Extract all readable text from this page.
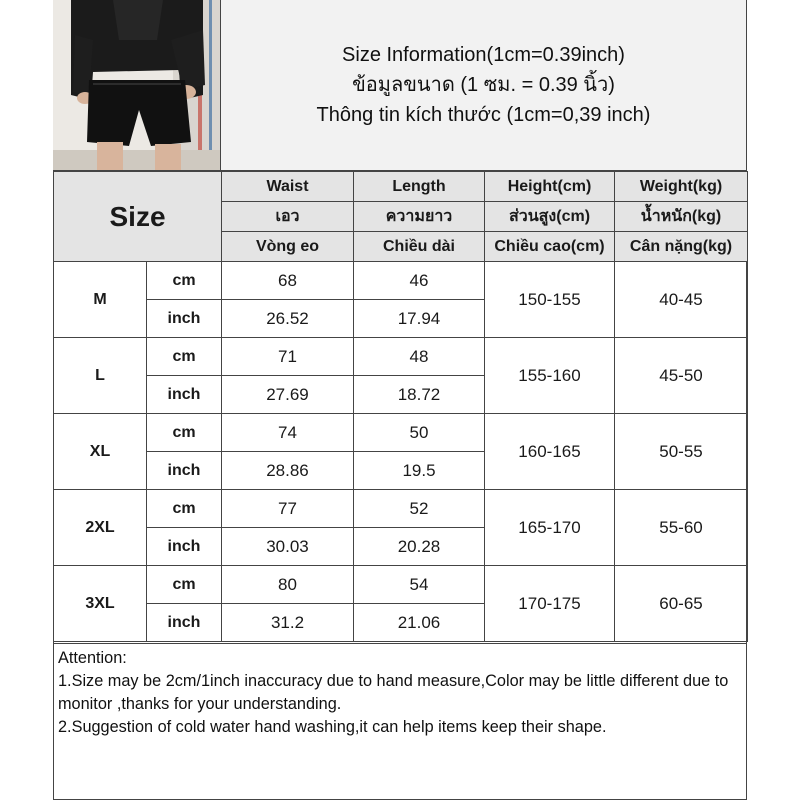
Size Information(1cm=0.39inch)
ข้อมูลขนาด (1 ซม. = 0.39 นิ้ว)
Thông tin kích thước (1cm=0,39 inch)
Size		Waist	Length	Height(cm)	Weight(kg)
		เอว	ความยาว	ส่วนสูง(cm)	น้ำหนัก(kg)
		Vòng eo	Chiều dài	Chiều cao(cm)	Cân nặng(kg)
M	cm	68	46	150-155	40-45
	inch	26.52	17.94		
L	cm	71	48	155-160	45-50
	inch	27.69	18.72		
XL	cm	74	50	160-165	50-55
	inch	28.86	19.5		
2XL	cm	77	52	165-170	55-60
	inch	30.03	20.28		
3XL	cm	80	54	170-175	60-65
	inch	31.2	21.06		
Attention:
1.Size may be 2cm/1inch inaccuracy due to hand measure,Color may be little different due to monitor ,thanks for your understanding.
2.Suggestion of cold water hand washing,it can help items keep their shape.
